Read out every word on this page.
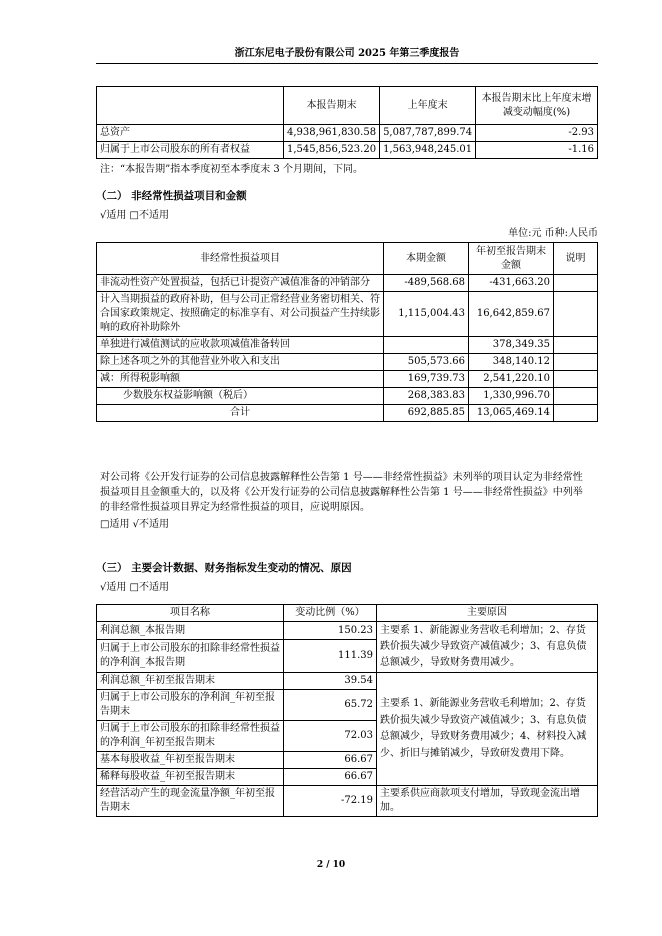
浙江东尼电子股份有限公司 2025 年第三季度报告
	本报告期末	上年度末	本报告期末比上年度末增减变动幅度(%)
总资产	4,938,961,830.58	5,087,787,899.74	-2.93
归属于上市公司股东的所有者权益	1,545,856,523.20	1,563,948,245.01	-1.16
注：“本报告期”指本季度初至本季度末 3 个月期间，下同。
（二） 非经常性损益项目和金额
√适用 □不适用
单位:元 币种:人民币
非经常性损益项目	本期金额	年初至报告期末金额	说明
非流动性资产处置损益，包括已计提资产减值准备的冲销部分	-489,568.68	-431,663.20	
计入当期损益的政府补助，但与公司正常经营业务密切相关、符合国家政策规定、按照确定的标准享有、对公司损益产生持续影响的政府补助除外	1,115,004.43	16,642,859.67	
单独进行减值测试的应收款项减值准备转回		378,349.35	
除上述各项之外的其他营业外收入和支出	505,573.66	348,140.12	
减：所得税影响额	169,739.73	2,541,220.10	
少数股东权益影响额（税后）	268,383.83	1,330,996.70	
合计	692,885.85	13,065,469.14	
对公司将《公开发行证券的公司信息披露解释性公告第 1 号——非经常性损益》未列举的项目认定为非经常性损益项目且金额重大的，以及将《公开发行证券的公司信息披露解释性公告第 1 号——非经常性损益》中列举的非经常性损益项目界定为经常性损益的项目，应说明原因。
□适用 √不适用
（三） 主要会计数据、财务指标发生变动的情况、原因
√适用 □不适用
项目名称	变动比例（%）	主要原因
利润总额_本报告期	150.23	主要系 1、新能源业务营收毛利增加；2、存货跌价损失减少导致资产减值减少；3、有息负债总额减少，导致财务费用减少。
归属于上市公司股东的扣除非经常性损益的净利润_本报告期	111.39	
利润总额_年初至报告期末	39.54	主要系 1、新能源业务营收毛利增加；2、存货跌价损失减少导致资产减值减少；3、有息负债总额减少，导致财务费用减少；4、材料投入减少、折旧与摊销减少，导致研发费用下降。
归属于上市公司股东的净利润_年初至报告期末	65.72	
归属于上市公司股东的扣除非经常性损益的净利润_年初至报告期末	72.03	
基本每股收益_年初至报告期末	66.67	
稀释每股收益_年初至报告期末	66.67	
经营活动产生的现金流量净额_年初至报告期末	-72.19	主要系供应商款项支付增加，导致现金流出增加。
2 / 10
